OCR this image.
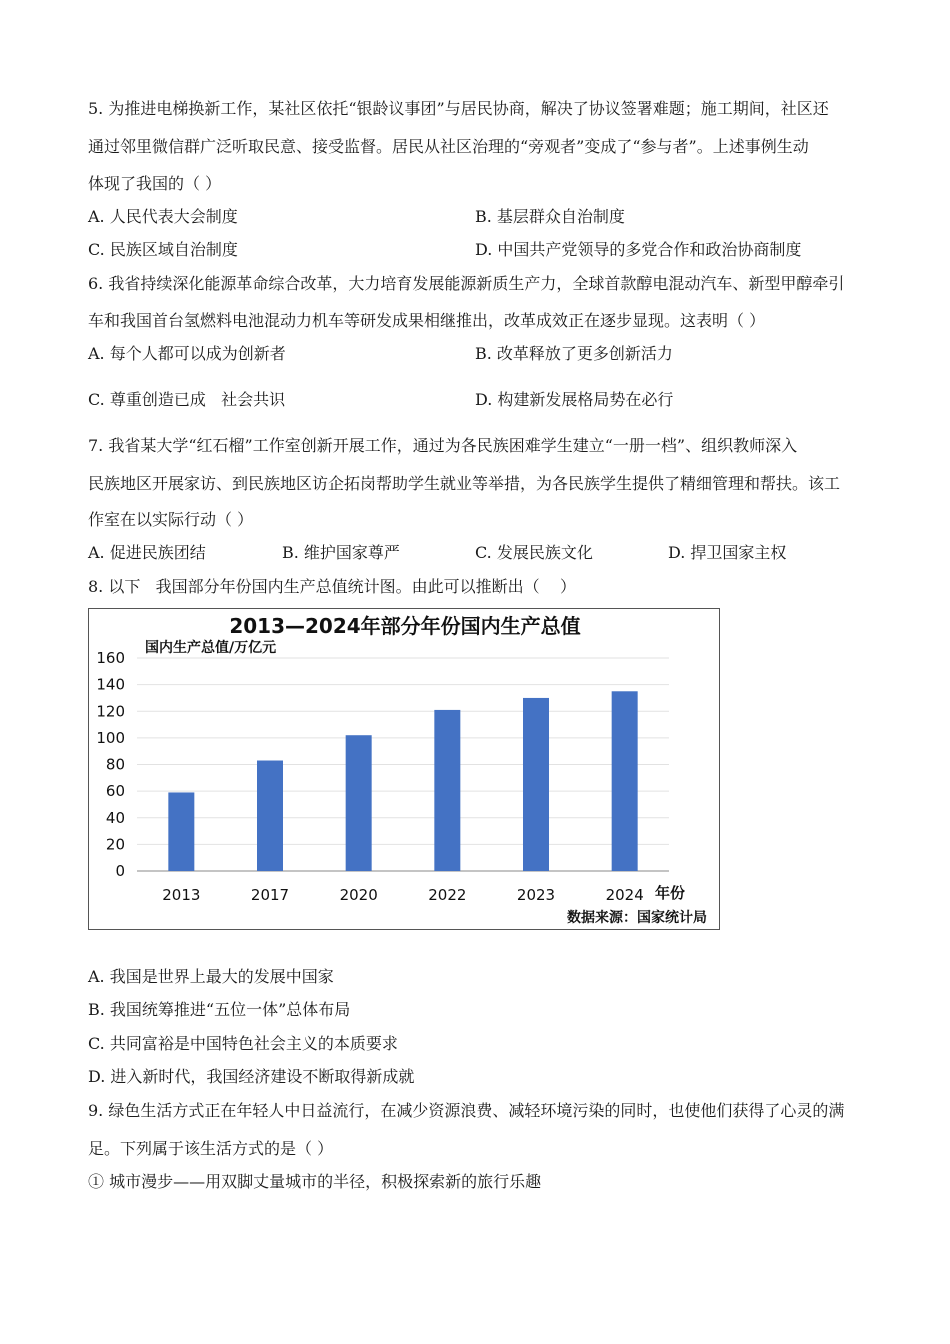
5. 为推进电梯换新工作，某社区依托“银龄议事团”与居民协商，解决了协议签署难题；施工期间，社区还
通过邻里微信群广泛听取民意、接受监督。居民从社区治理的“旁观者”变成了“参与者”。上述事例生动
体现了我国的（ ）
A. 人民代表大会制度	B. 基层群众自治制度
C. 民族区域自治制度	D. 中国共产党领导的多党合作和政治协商制度
6. 我省持续深化能源革命综合改革，大力培育发展能源新质生产力，全球首款醇电混动汽车、新型甲醇牵引
车和我国首台氢燃料电池混动力机车等研发成果相继推出，改革成效正在逐步显现。这表明（ ）
A. 每个人都可以成为创新者	B. 改革释放了更多创新活力
C. 尊重创造已成   社会共识	D. 构建新发展格局势在必行
7. 我省某大学“红石榴”工作室创新开展工作，通过为各民族困难学生建立“一册一档”、组织教师深入
民族地区开展家访、到民族地区访企拓岗帮助学生就业等举措，为各民族学生提供了精细管理和帮扶。该工
作室在以实际行动（ ）
A. 促进民族团结	B. 维护国家尊严	C. 发展民族文化	D. 捍卫国家主权
8. 以下   我国部分年份国内生产总值统计图。由此可以推断出（    ）
2013—2024年部分年份国内生产总值
国内生产总值/万亿元
年份
数据来源：国家统计局
0
20
40
60
80
100
120
140
160
2013	2017	2020	2022	2023	2024
A. 我国是世界上最大的发展中国家
B. 我国统筹推进“五位一体”总体布局
C. 共同富裕是中国特色社会主义的本质要求
D. 进入新时代，我国经济建设不断取得新成就
9. 绿色生活方式正在年轻人中日益流行，在减少资源浪费、减轻环境污染的同时，也使他们获得了心灵的满
足。下列属于该生活方式的是（ ）
① 城市漫步——用双脚丈量城市的半径，积极探索新的旅行乐趣
